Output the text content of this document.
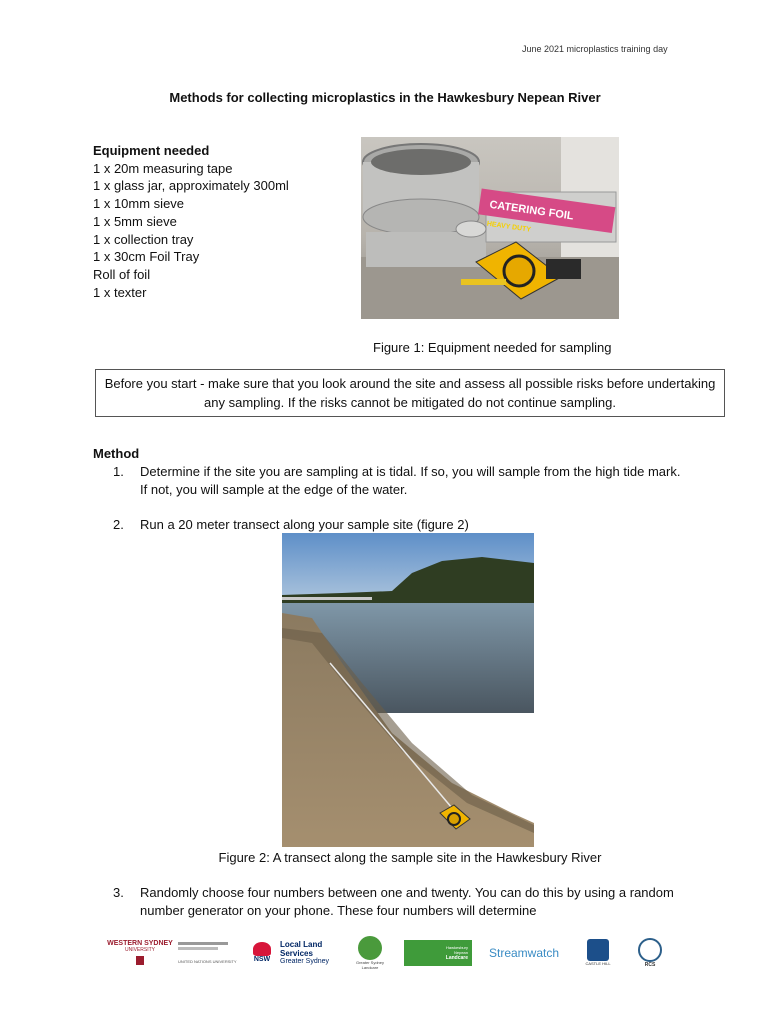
June 2021 microplastics training day
Methods for collecting microplastics in the Hawkesbury Nepean River
Equipment needed
1 x 20m measuring tape
1 x glass jar, approximately 300ml
1 x 10mm sieve
1 x 5mm sieve
1 x collection tray
1 x 30cm Foil Tray
Roll of foil
1 x texter
CATERING FOIL
HEAVY DUTY
Figure 1: Equipment needed for sampling
Before you start - make sure that you look around the site and assess all possible risks before undertaking any sampling. If the risks cannot be mitigated do not continue sampling.
Method
1. Determine if the site you are sampling at is tidal. If so, you will sample from the high tide mark. If not, you will sample at the edge of the water.
2. Run a 20 meter transect along your sample site (figure 2)
Figure 2: A transect along the sample site in the Hawkesbury River
3. Randomly choose four numbers between one and twenty. You can do this by using a random number generator on your phone. These four numbers will determine
WESTERN SYDNEY
UNIVERSITY
UNITED NATIONS UNIVERSITY NSW
Local Land
Services
Greater Sydney	Greater Sydney Landcare
Hawkesbury
Nepean
Landcare Streamwatch
CASTLE HILL	RCS
